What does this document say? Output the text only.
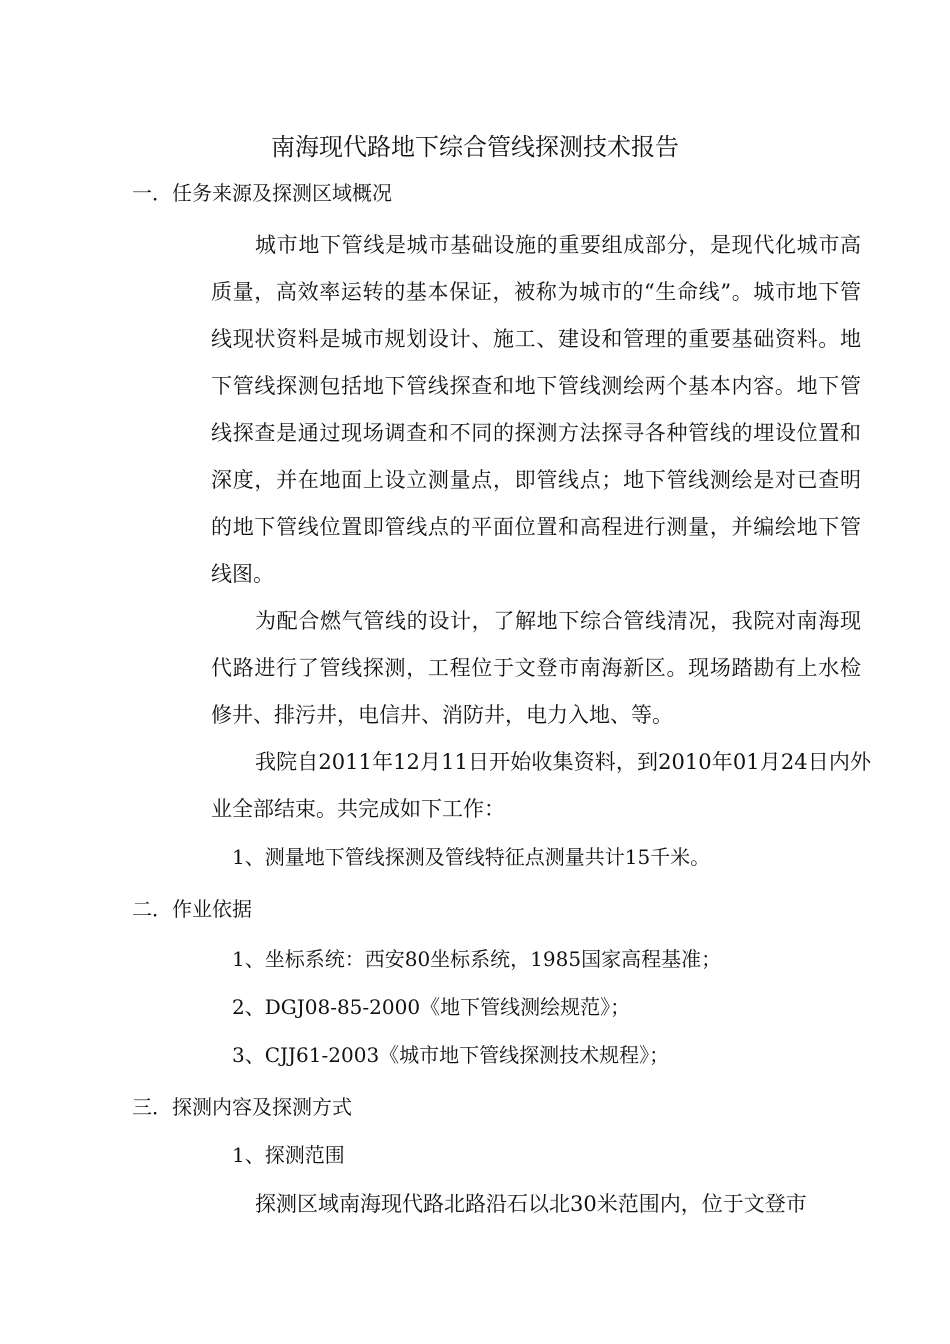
南海现代路地下综合管线探测技术报告
一．任务来源及探测区域概况

城市地下管线是城市基础设施的重要组成部分，是现代化城市高质量，高效率运转的基本保证，被称为城市的“生命线”。城市地下管线现状资料是城市规划设计、施工、建设和管理的重要基础资料。地下管线探测包括地下管线探查和地下管线测绘两个基本内容。地下管线探查是通过现场调查和不同的探测方法探寻各种管线的埋设位置和深度，并在地面上设立测量点，即管线点；地下管线测绘是对已查明的地下管线位置即管线点的平面位置和高程进行测量，并编绘地下管线图。

为配合燃气管线的设计，了解地下综合管线清况，我院对南海现代路进行了管线探测，工程位于文登市南海新区。现场踏勘有上水检修井、排污井，电信井、消防井，电力入地、等。

我院自2011年12月11日开始收集资料，到2010年01月24日内外业全部结束。共完成如下工作：

1、测量地下管线探测及管线特征点测量共计15千米。
二．作业依据
1、坐标系统：西安80坐标系统，1985国家高程基准；
2、DGJ08-85-2000《地下管线测绘规范》；
3、CJJ61-2003《城市地下管线探测技术规程》；
三．探测内容及探测方式
1、探测范围

探测区域南海现代路北路沿石以北30米范围内，位于文登市
